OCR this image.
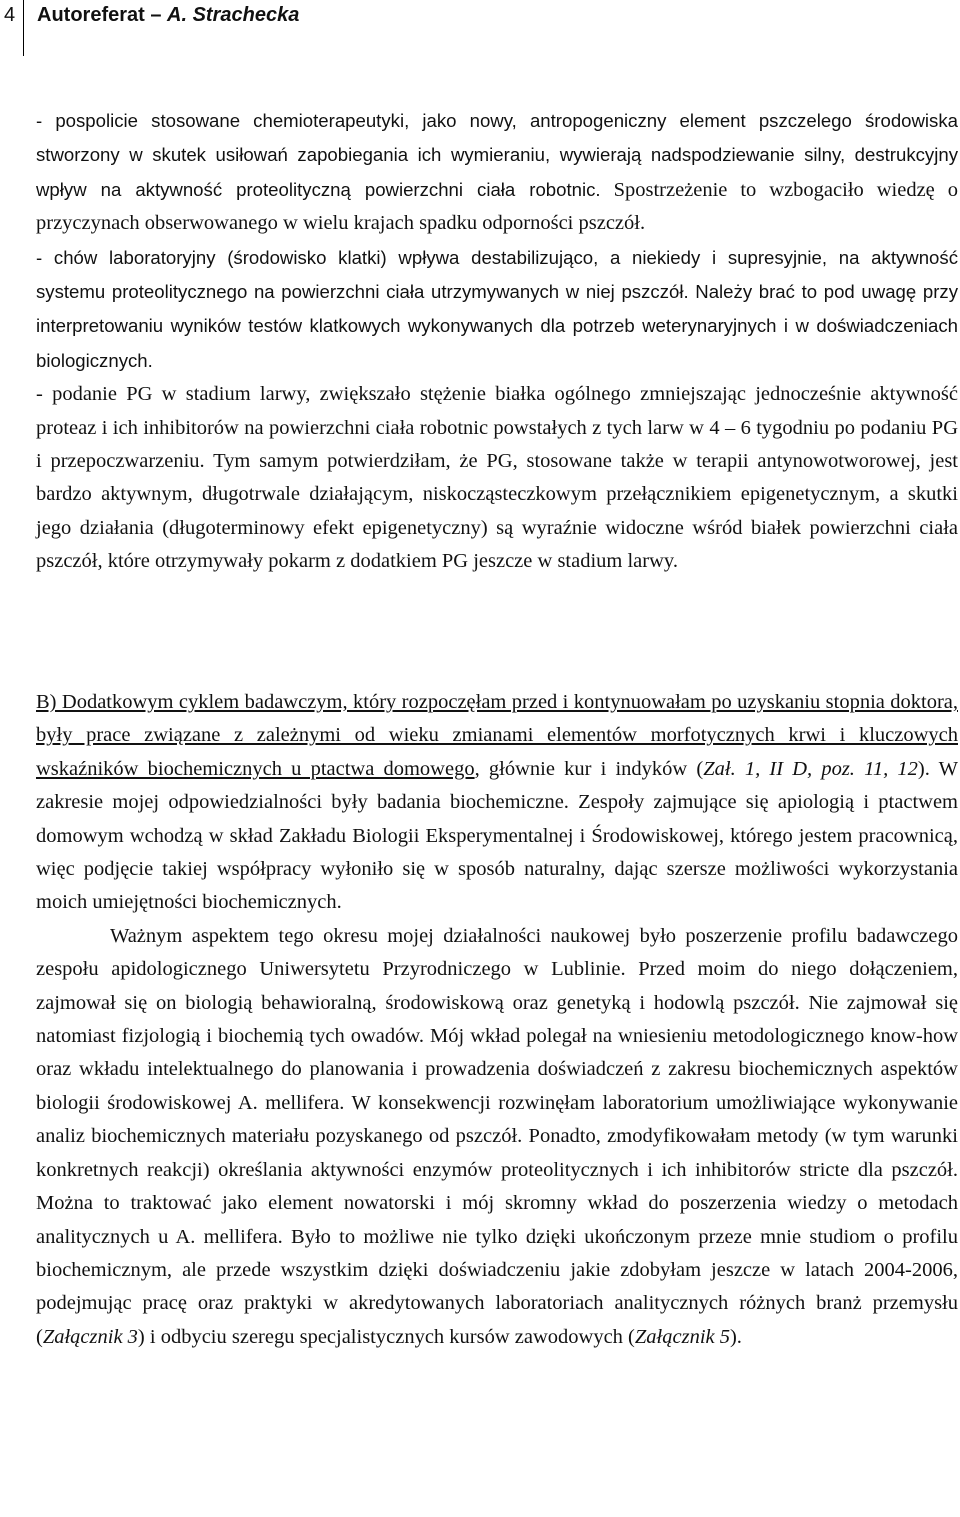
4 Autoreferat – A. Strachecka

- pospolicie stosowane chemioterapeutyki, jako nowy, antropogeniczny element pszczelego środowiska stworzony w skutek usiłowań zapobiegania ich wymieraniu, wywierają nadspodziewanie silny, destrukcyjny wpływ na aktywność proteolityczną powierzchni ciała robotnic. Spostrzeżenie to wzbogaciło wiedzę o przyczynach obserwowanego w wielu krajach spadku odporności pszczół.

- chów laboratoryjny (środowisko klatki) wpływa destabilizująco, a niekiedy i supresyjnie, na aktywność systemu proteolitycznego na powierzchni ciała utrzymywanych w niej pszczół. Należy brać to pod uwagę przy interpretowaniu wyników testów klatkowych wykonywanych dla potrzeb weterynaryjnych i w doświadczeniach biologicznych.

- podanie PG w stadium larwy, zwiększało stężenie białka ogólnego zmniejszając jednocześnie aktywność proteaz i ich inhibitorów na powierzchni ciała robotnic powstałych z tych larw w 4 – 6 tygodniu po podaniu PG i przepoczwarzeniu. Tym samym potwierdziłam, że PG, stosowane także w terapii antynowotworowej, jest bardzo aktywnym, długotrwale działającym, niskocząsteczkowym przełącznikiem epigenetycznym, a skutki jego działania (długoterminowy efekt epigenetyczny) są wyraźnie widoczne wśród białek powierzchni ciała pszczół, które otrzymywały pokarm z dodatkiem PG jeszcze w stadium larwy.

B) Dodatkowym cyklem badawczym, który rozpoczęłam przed i kontynuowałam po uzyskaniu stopnia doktora, były prace związane z zależnymi od wieku zmianami elementów morfotycznych krwi i kluczowych wskaźników biochemicznych u ptactwa domowego, głównie kur i indyków (Zał. 1, II D, poz. 11, 12). W zakresie mojej odpowiedzialności były badania biochemiczne. Zespoły zajmujące się apiologią i ptactwem domowym wchodzą w skład Zakładu Biologii Eksperymentalnej i Środowiskowej, którego jestem pracownicą, więc podjęcie takiej współpracy wyłoniło się w sposób naturalny, dając szersze możliwości wykorzystania moich umiejętności biochemicznych.

Ważnym aspektem tego okresu mojej działalności naukowej było poszerzenie profilu badawczego zespołu apidologicznego Uniwersytetu Przyrodniczego w Lublinie. Przed moim do niego dołączeniem, zajmował się on biologią behawioralną, środowiskową oraz genetyką i hodowlą pszczół. Nie zajmował się natomiast fizjologią i biochemią tych owadów. Mój wkład polegał na wniesieniu metodologicznego know-how oraz wkładu intelektualnego do planowania i prowadzenia doświadczeń z zakresu biochemicznych aspektów biologii środowiskowej A. mellifera. W konsekwencji rozwinęłam laboratorium umożliwiające wykonywanie analiz biochemicznych materiału pozyskanego od pszczół. Ponadto, zmodyfikowałam metody (w tym warunki konkretnych reakcji) określania aktywności enzymów proteolitycznych i ich inhibitorów stricte dla pszczół. Można to traktować jako element nowatorski i mój skromny wkład do poszerzenia wiedzy o metodach analitycznych u A. mellifera. Było to możliwe nie tylko dzięki ukończonym przeze mnie studiom o profilu biochemicznym, ale przede wszystkim dzięki doświadczeniu jakie zdobyłam jeszcze w latach 2004-2006, podejmując pracę oraz praktyki w akredytowanych laboratoriach analitycznych różnych branż przemysłu (Załącznik 3) i odbyciu szeregu specjalistycznych kursów zawodowych (Załącznik 5).
